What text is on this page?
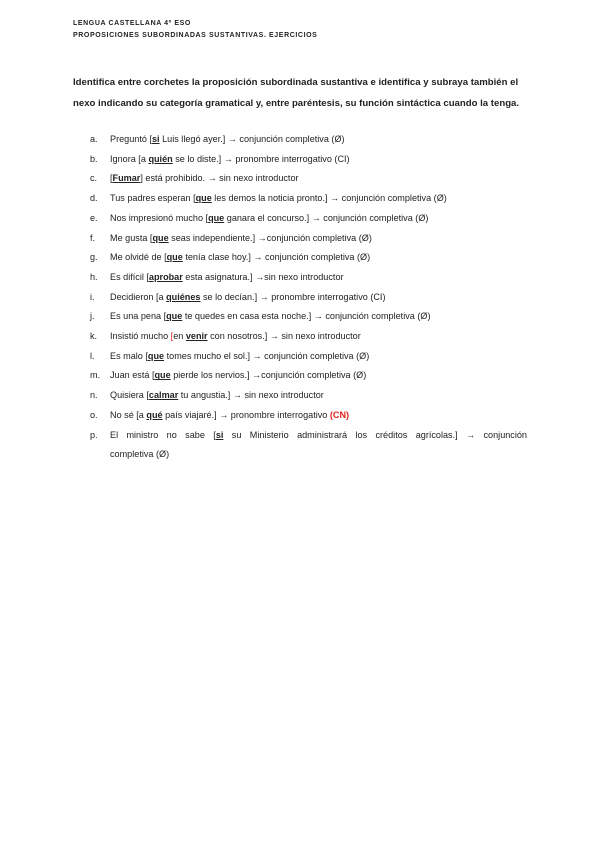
LENGUA CASTELLANA 4º ESO
PROPOSICIONES SUBORDINADAS SUSTANTIVAS. EJERCICIOS
Identifica entre corchetes la proposición subordinada sustantiva e identifica y subraya también el nexo indicando su categoría gramatical y, entre paréntesis, su función sintáctica cuando la tenga.
a. Preguntó [si Luis llegó ayer.] → conjunción completiva (Ø)
b. Ignora [a quién se lo diste.] → pronombre interrogativo (CI)
c. [Fumar] está prohibido. → sin nexo introductor
d. Tus padres esperan [que les demos la noticia pronto.] → conjunción completiva (Ø)
e. Nos impresionó mucho [que ganara el concurso.] → conjunción completiva (Ø)
f. Me gusta [que seas independiente.] →conjunción completiva (Ø)
g. Me olvidé de [que tenía clase hoy.] → conjunción completiva (Ø)
h. Es difícil [aprobar esta asignatura.] →sin nexo introductor
i. Decidieron [a quiénes se lo decían.] → pronombre interrogativo (CI)
j. Es una pena [que te quedes en casa esta noche.] → conjunción completiva (Ø)
k. Insistió mucho [en venir con nosotros.] → sin nexo introductor
l. Es malo [que tomes mucho el sol.] → conjunción completiva (Ø)
m. Juan está [que pierde los nervios.] →conjunción completiva (Ø)
n. Quisiera [calmar tu angustia.] → sin nexo introductor
o. No sé [a qué país viajaré.] → pronombre interrogativo (CN)
p. El ministro no sabe [si su Ministerio administrará los créditos agrícolas.] → conjunción
completiva (Ø)
